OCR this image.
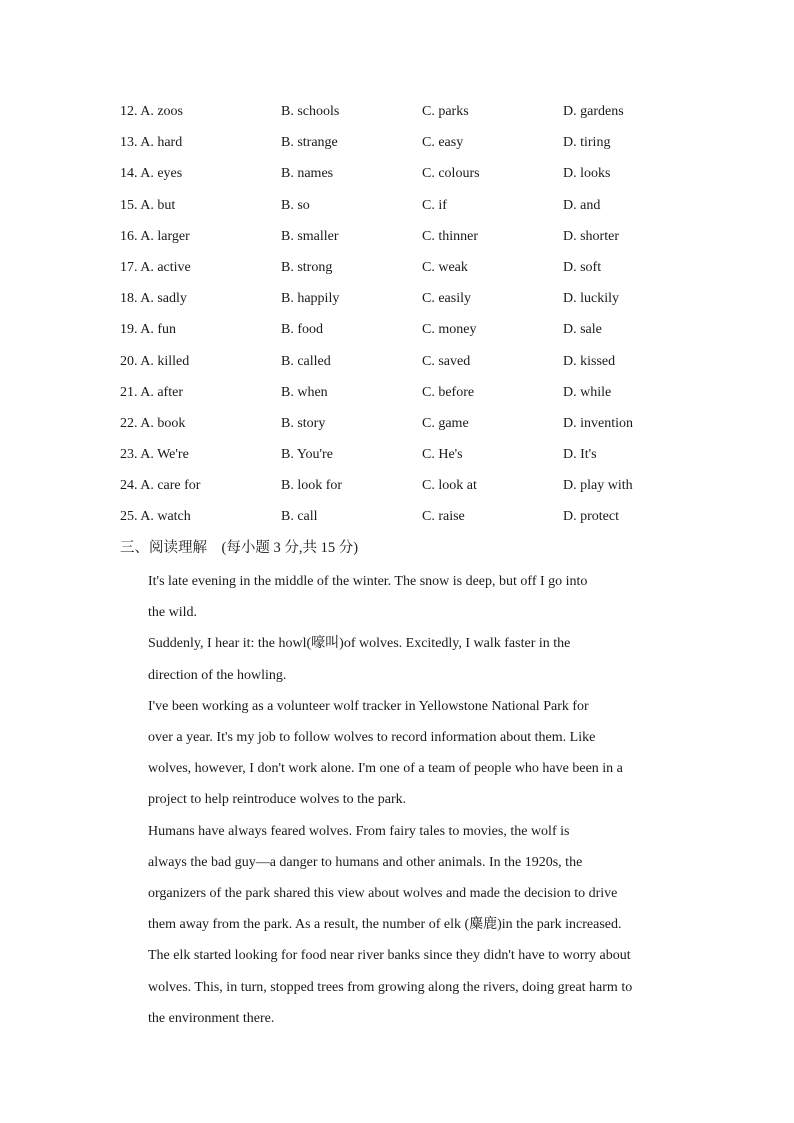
12. A. zoos	B. schools	C. parks	D. gardens
13. A. hard	B. strange	C. easy	D. tiring
14. A. eyes	B. names	C. colours	D. looks
15. A. but	B. so	C. if	D. and
16. A. larger	B. smaller	C. thinner	D. shorter
17. A. active	B. strong	C. weak	D. soft
18. A. sadly	B. happily	C. easily	D. luckily
19. A. fun	B. food	C. money	D. sale
20. A. killed	B. called	C. saved	D. kissed
21. A. after	B. when	C. before	D. while
22. A. book	B. story	C. game	D. invention
23. A. We're	B. You're	C. He's	D. It's
24. A. care for	B. look for	C. look at	D. play with
25. A. watch	B. call	C. raise	D. protect
三、阅读理解　(每小题 3 分,共 15 分)

It's late evening in the middle of the winter. The snow is deep, but off I go into
the wild.

Suddenly, I hear it: the howl(嚎叫)of wolves. Excitedly, I walk faster in the
direction of the howling.

I've been working as a volunteer wolf tracker in Yellowstone National Park for
over a year. It's my job to follow wolves to record information about them. Like
wolves, however, I don't work alone. I'm one of a team of people who have been in a
project to help reintroduce wolves to the park.

Humans have always feared wolves. From fairy tales to movies, the wolf is
always the bad guy—a danger to humans and other animals. In the 1920s, the
organizers of the park shared this view about wolves and made the decision to drive
them away from the park. As a result, the number of elk (麋鹿)in the park increased.
The elk started looking for food near river banks since they didn't have to worry about
wolves. This, in turn, stopped trees from growing along the rivers, doing great harm to
the environment there.
